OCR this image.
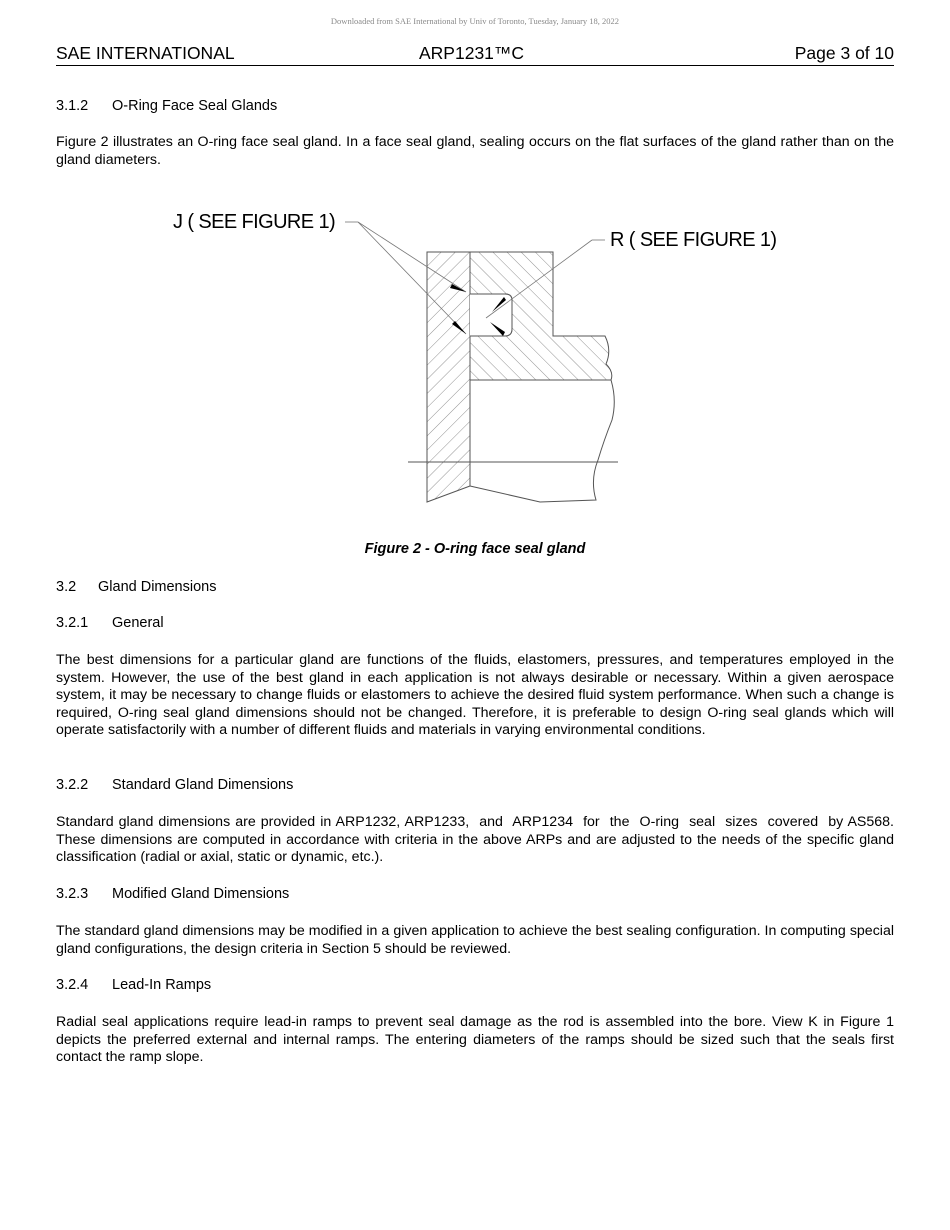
Downloaded from SAE International by Univ of Toronto, Tuesday, January 18, 2022
SAE INTERNATIONAL	ARP1231™C	Page 3 of 10
3.1.2 O-Ring Face Seal Glands
Figure 2 illustrates an O-ring face seal gland. In a face seal gland, sealing occurs on the flat surfaces of the gland rather than on the gland diameters.
J ( SEE FIGURE 1)
R ( SEE FIGURE 1)
Figure 2 - O-ring face seal gland
3.2 Gland Dimensions
3.2.1 General
The best dimensions for a particular gland are functions of the fluids, elastomers, pressures, and temperatures employed in the system. However, the use of the best gland in each application is not always desirable or necessary. Within a given aerospace system, it may be necessary to change fluids or elastomers to achieve the desired fluid system performance. When such a change is required, O-ring seal gland dimensions should not be changed. Therefore, it is preferable to design O-ring seal glands which will operate satisfactorily with a number of different fluids and materials in varying environmental conditions.
3.2.2 Standard Gland Dimensions
Standard gland dimensions are provided in ARP1232, ARP1233,  and  ARP1234  for  the  O-ring  seal  sizes  covered  by AS568. These dimensions are computed in accordance with criteria in the above ARPs and are adjusted to the needs of the specific gland classification (radial or axial, static or dynamic, etc.).
3.2.3 Modified Gland Dimensions
The standard gland dimensions may be modified in a given application to achieve the best sealing configuration. In computing special gland configurations, the design criteria in Section 5 should be reviewed.
3.2.4 Lead-In Ramps
Radial seal applications require lead-in ramps to prevent seal damage as the rod is assembled into the bore. View K in Figure 1 depicts the preferred external and internal ramps. The entering diameters of the ramps should be sized such that the seals first contact the ramp slope.
